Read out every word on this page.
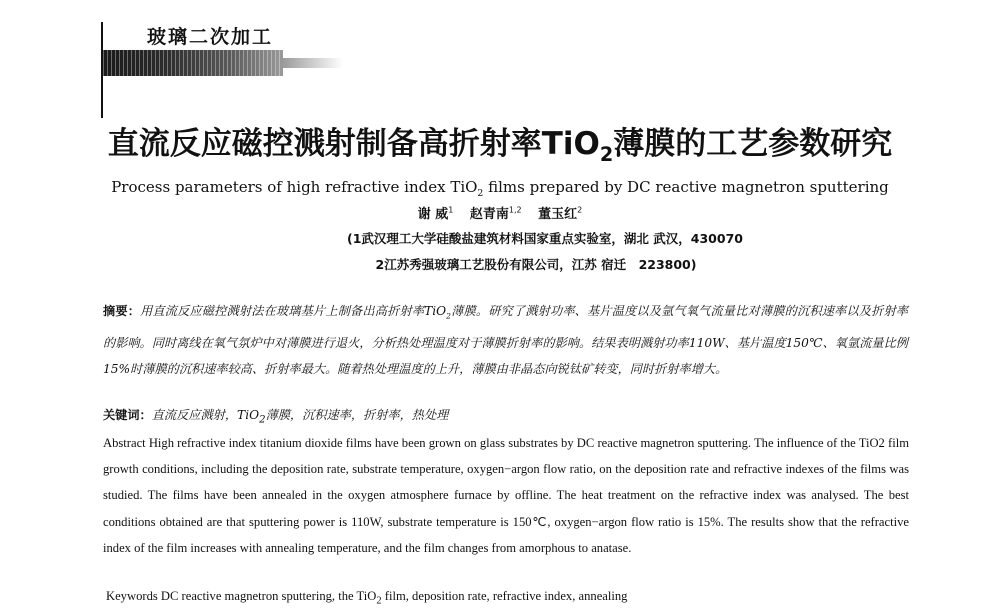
玻璃二次加工
直流反应磁控溅射制备高折射率TiO$_2$薄膜的工艺参数研究
Process parameters of high refractive index TiO$_2$ films prepared by DC reactive magnetron sputtering
谢 威$^1$ 赵青南$^{1,2}$ 董玉红$^2$
(1武汉理工大学硅酸盐建筑材料国家重点实验室，湖北 武汉，430070
2江苏秀强玻璃工艺股份有限公司，江苏 宿迁　223800)
摘要：用直流反应磁控溅射法在玻璃基片上制备出高折射率TiO$_2$薄膜。研究了溅射功率、基片温度以及氩气氧气流量比对薄膜的沉积速率以及折射率的影响。同时离线在氧气氛炉中对薄膜进行退火，分析热处理温度对于薄膜折射率的影响。结果表明溅射功率110W、基片温度150℃、氧氩流量比例15%时薄膜的沉积速率较高、折射率最大。随着热处理温度的上升，薄膜由非晶态向锐钛矿转变，同时折射率增大。
关键词：直流反应溅射，TiO$_2$薄膜，沉积速率，折射率，热处理
Abstract High refractive index titanium dioxide films have been grown on glass substrates by DC reactive magnetron sputtering. The influence of the TiO2 film growth conditions, including the deposition rate, substrate temperature, oxygen−argon flow ratio, on the deposition rate and refractive indexes of the films was studied. The films have been annealed in the oxygen atmosphere furnace by offline. The heat treatment on the refractive index was analysed. The best conditions obtained are that sputtering power is 110W, substrate temperature is 150℃, oxygen−argon flow ratio is 15%. The results show that the refractive index of the film increases with annealing temperature, and the film changes from amorphous to anatase.
Keywords DC reactive magnetron sputtering, the TiO$_2$ film, deposition rate, refractive index, annealing
